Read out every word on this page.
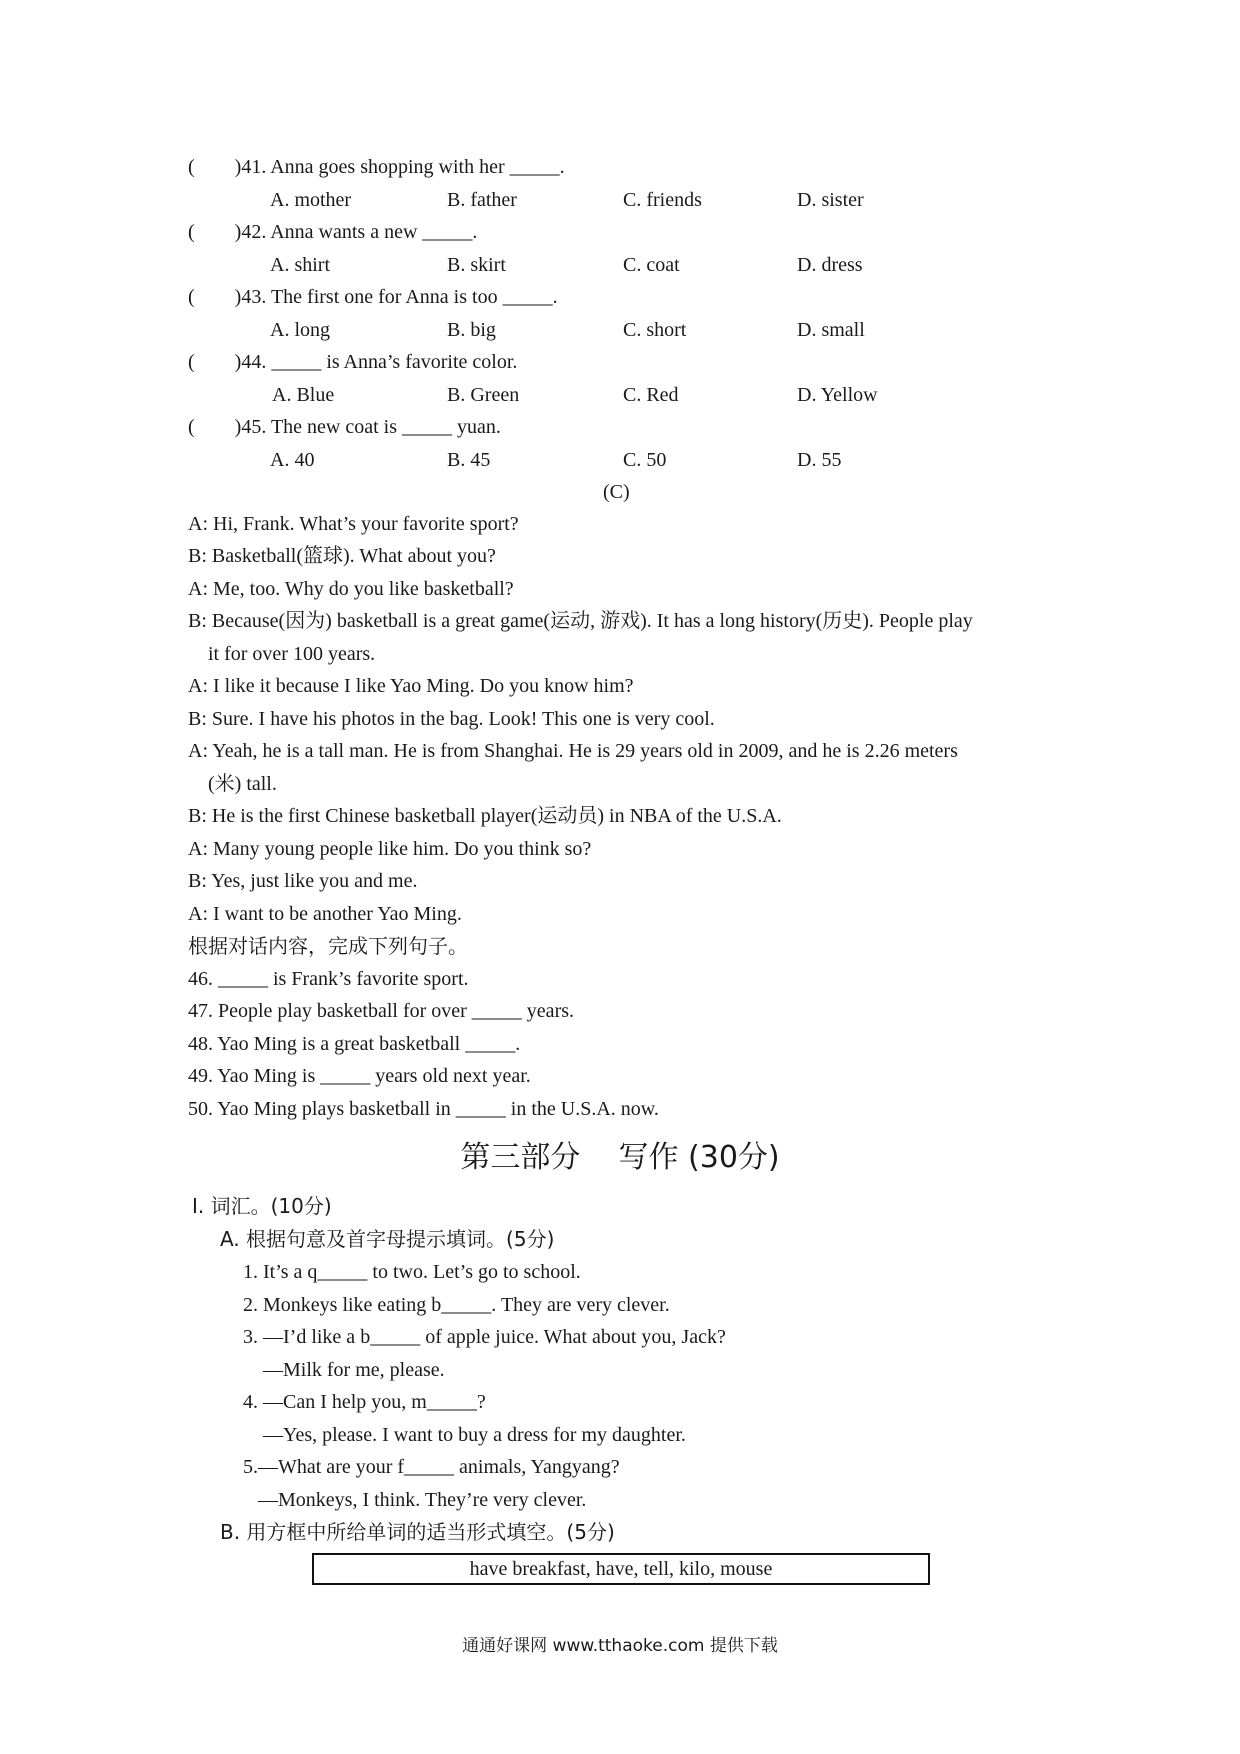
(        )41. Anna goes shopping with her _____.
A. mother	B. father	C. friends	D. sister
(        )42. Anna wants a new _____.
A. shirt	B. skirt	C. coat	D. dress
(        )43. The first one for Anna is too _____.
A. long	B. big	C. short	D. small
(        )44. _____ is Anna’s favorite color.
A. Blue	B. Green	C. Red	D. Yellow
(        )45. The new coat is _____ yuan.
A. 40	B. 45	C. 50	D. 55
(C)
A: Hi, Frank. What’s your favorite sport?
B: Basketball(篮球). What about you?
A: Me, too. Why do you like basketball?
B: Because(因为) basketball is a great game(运动, 游戏). It has a long history(历史). People play
it for over 100 years.
A: I like it because I like Yao Ming. Do you know him?
B: Sure. I have his photos in the bag. Look! This one is very cool.
A: Yeah, he is a tall man. He is from Shanghai. He is 29 years old in 2009, and he is 2.26 meters
(米) tall.
B: He is the first Chinese basketball player(运动员) in NBA of the U.S.A.
A: Many young people like him. Do you think so?
B: Yes, just like you and me.
A: I want to be another Yao Ming.
根据对话内容，完成下列句子。
46. _____ is Frank’s favorite sport.
47. People play basketball for over _____ years.
48. Yao Ming is a great basketball _____.
49. Yao Ming is _____ years old next year.
50. Yao Ming plays basketball in _____ in the U.S.A. now.
第三部分    写作 (30分)
Ⅰ. 词汇。(10分)
A. 根据句意及首字母提示填词。(5分)
1. It’s a q_____ to two. Let’s go to school.
2. Monkeys like eating b_____. They are very clever.
3. —I’d like a b_____ of apple juice. What about you, Jack?
—Milk for me, please.
4. —Can I help you, m_____?
—Yes, please. I want to buy a dress for my daughter.
5.—What are your f_____ animals, Yangyang?
—Monkeys, I think. They’re very clever.
B. 用方框中所给单词的适当形式填空。(5分)
have breakfast, have, tell, kilo, mouse
通通好课网 www.tthaoke.com 提供下载
